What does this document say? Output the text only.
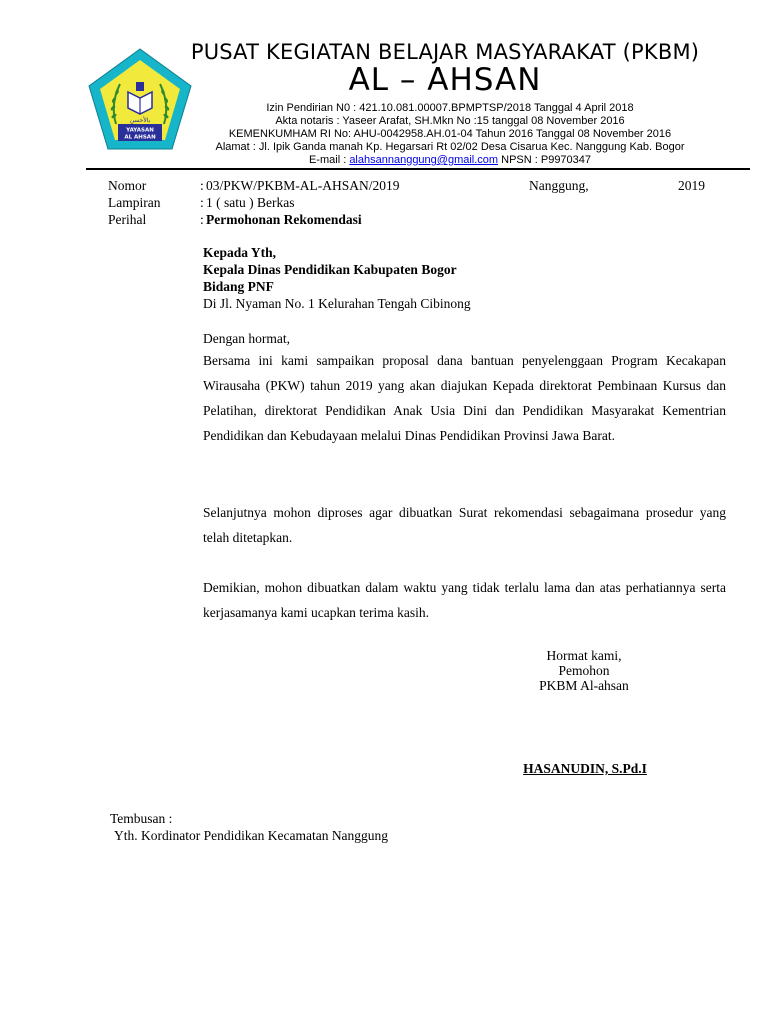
بالأحسن
YAYASAN
AL AHSAN
PUSAT KEGIATAN BELAJAR MASYARAKAT (PKBM)
AL – AHSAN
Izin Pendirian N0 : 421.10.081.00007.BPMPTSP/2018 Tanggal 4 April 2018
Akta notaris : Yaseer Arafat, SH.Mkn No :15 tanggal 08 November 2016
KEMENKUMHAM RI No: AHU-0042958.AH.01-04 Tahun 2016 Tanggal 08 November 2016
Alamat : Jl. Ipik Ganda manah Kp. Hegarsari Rt 02/02 Desa Cisarua Kec. Nanggung Kab. Bogor
E-mail : alahsannanggung@gmail.com NPSN : P9970347
Nomor	: 03/PKW/PKBM-AL-AHSAN/2019	Nanggung,	2019
Lampiran	: 1 ( satu ) Berkas
Perihal	: Permohonan Rekomendasi
Kepada Yth,
Kepala Dinas Pendidikan Kabupaten Bogor
Bidang PNF
Di Jl. Nyaman No. 1 Kelurahan Tengah Cibinong
Dengan hormat,
Bersama ini kami sampaikan proposal dana bantuan penyelenggaan Program Kecakapan Wirausaha (PKW) tahun 2019 yang akan diajukan Kepada direktorat Pembinaan Kursus dan Pelatihan, direktorat Pendidikan Anak Usia Dini dan Pendidikan Masyarakat Kementrian Pendidikan dan Kebudayaan melalui Dinas Pendidikan Provinsi Jawa Barat.
Selanjutnya mohon diproses agar dibuatkan Surat rekomendasi sebagaimana prosedur yang telah ditetapkan.
Demikian, mohon dibuatkan dalam waktu yang tidak terlalu lama dan atas perhatiannya serta kerjasamanya kami ucapkan terima kasih.
Hormat kami,
Pemohon
PKBM Al-ahsan
HASANUDIN, S.Pd.I
Tembusan :
Yth. Kordinator Pendidikan Kecamatan Nanggung
